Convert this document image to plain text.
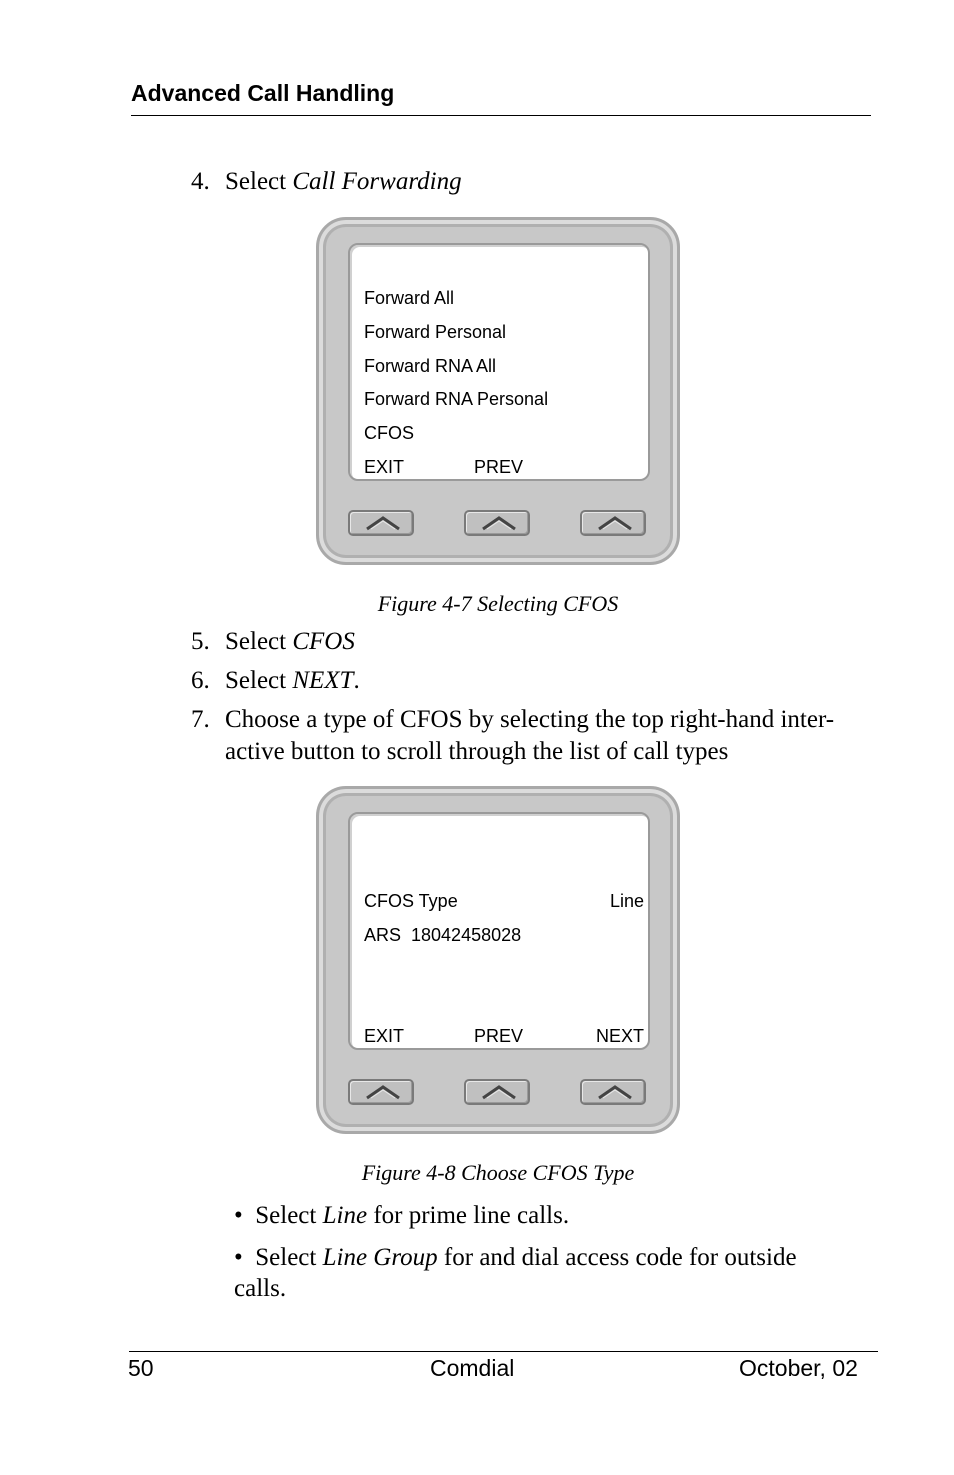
Advanced Call Handling
4. Select Call Forwarding
Forward All
Forward Personal
Forward RNA All
Forward RNA Personal
CFOS
EXIT	PREV
Figure 4-7 Selecting CFOS
5. Select CFOS
6. Select NEXT.
7. Choose a type of CFOS by selecting the top right-hand inter-
active button to scroll through the list of call types
CFOS Type	Line
ARS  18042458028
EXIT	PREV	NEXT
Figure 4-8 Choose CFOS Type
• Select Line for prime line calls.
• Select Line Group for and dial access code for outside
calls.
50	Comdial	October, 02
